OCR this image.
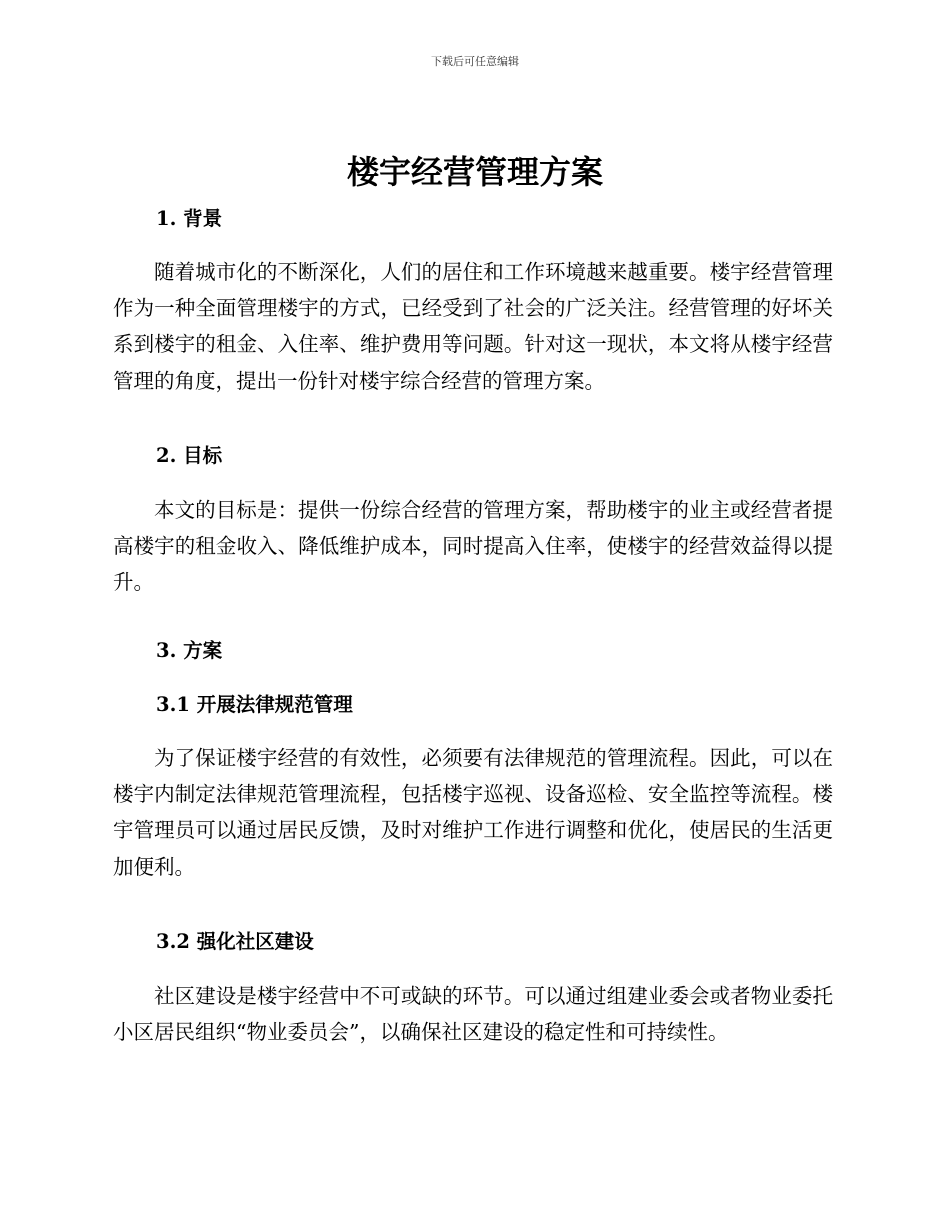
下载后可任意编辑
楼宇经营管理方案
1. 背景

随着城市化的不断深化，人们的居住和工作环境越来越重要。楼宇经营管理作为一种全面管理楼宇的方式，已经受到了社会的广泛关注。经营管理的好坏关系到楼宇的租金、入住率、维护费用等问题。针对这一现状，本文将从楼宇经营管理的角度，提出一份针对楼宇综合经营的管理方案。

2. 目标

本文的目标是：提供一份综合经营的管理方案，帮助楼宇的业主或经营者提高楼宇的租金收入、降低维护成本，同时提高入住率，使楼宇的经营效益得以提升。

3. 方案
3.1 开展法律规范管理

为了保证楼宇经营的有效性，必须要有法律规范的管理流程。因此，可以在楼宇内制定法律规范管理流程，包括楼宇巡视、设备巡检、安全监控等流程。楼宇管理员可以通过居民反馈，及时对维护工作进行调整和优化，使居民的生活更加便利。

3.2 强化社区建设

社区建设是楼宇经营中不可或缺的环节。可以通过组建业委会或者物业委托小区居民组织“物业委员会”，以确保社区建设的稳定性和可持续性。
